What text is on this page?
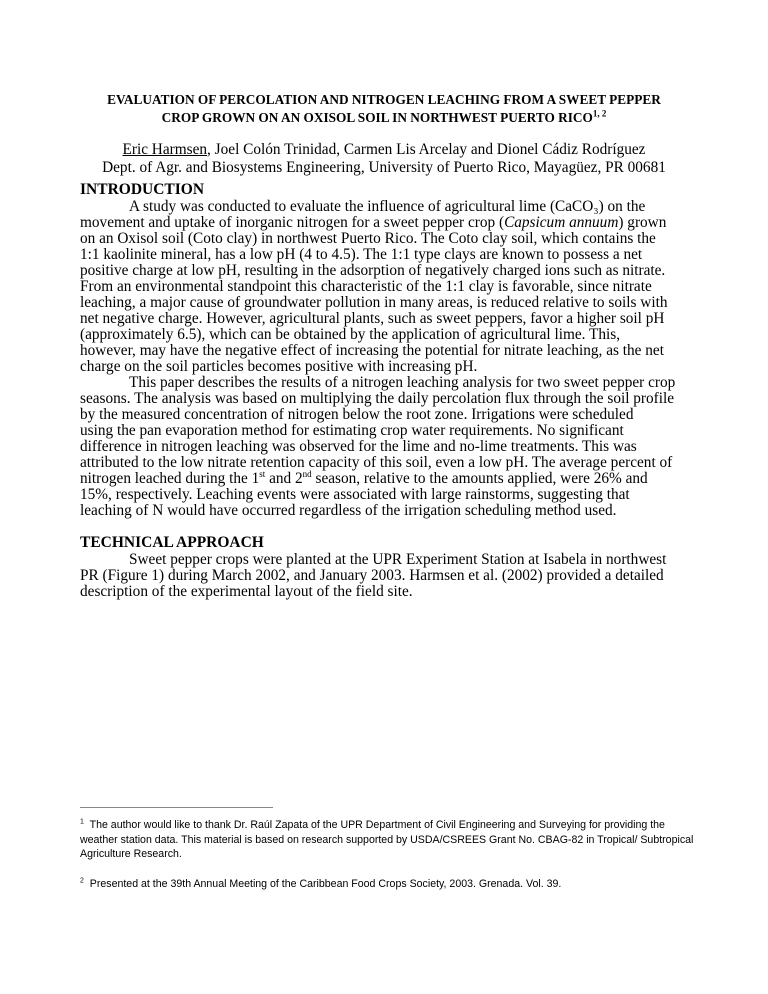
EVALUATION OF PERCOLATION AND NITROGEN LEACHING FROM A SWEET PEPPER
CROP GROWN ON AN OXISOL SOIL IN NORTHWEST PUERTO RICO$^{1, 2}$
Eric Harmsen, Joel Colón Trinidad, Carmen Lis Arcelay and Dionel Cádiz Rodríguez
Dept. of Agr. and Biosystems Engineering, University of Puerto Rico, Mayagüez, PR 00681
INTRODUCTION
A study was conducted to evaluate the influence of agricultural lime (CaCO₃) on the
movement and uptake of inorganic nitrogen for a sweet pepper crop (Capsicum annuum) grown
on an Oxisol soil (Coto clay) in northwest Puerto Rico. The Coto clay soil, which contains the
1:1 kaolinite mineral, has a low pH (4 to 4.5). The 1:1 type clays are known to possess a net
positive charge at low pH, resulting in the adsorption of negatively charged ions such as nitrate.
From an environmental standpoint this characteristic of the 1:1 clay is favorable, since nitrate
leaching, a major cause of groundwater pollution in many areas, is reduced relative to soils with
net negative charge. However, agricultural plants, such as sweet peppers, favor a higher soil pH
(approximately 6.5), which can be obtained by the application of agricultural lime. This,
however, may have the negative effect of increasing the potential for nitrate leaching, as the net
charge on the soil particles becomes positive with increasing pH.
This paper describes the results of a nitrogen leaching analysis for two sweet pepper crop
seasons. The analysis was based on multiplying the daily percolation flux through the soil profile
by the measured concentration of nitrogen below the root zone. Irrigations were scheduled
using the pan evaporation method for estimating crop water requirements. No significant
difference in nitrogen leaching was observed for the lime and no-lime treatments. This was
attributed to the low nitrate retention capacity of this soil, even a low pH. The average percent of
nitrogen leached during the 1st and 2nd season, relative to the amounts applied, were 26% and
15%, respectively. Leaching events were associated with large rainstorms, suggesting that
leaching of N would have occurred regardless of the irrigation scheduling method used.
TECHNICAL APPROACH
Sweet pepper crops were planted at the UPR Experiment Station at Isabela in northwest
PR (Figure 1) during March 2002, and January 2003. Harmsen et al. (2002) provided a detailed
description of the experimental layout of the field site.
$^1$ The author would like to thank Dr. Raúl Zapata of the UPR Department of Civil Engineering and Surveying for providing the
weather station data. This material is based on research supported by USDA/CSREES Grant No. CBAG-82 in Tropical/ Subtropical
Agriculture Research.
$^2$ Presented at the 39th Annual Meeting of the Caribbean Food Crops Society, 2003. Grenada. Vol. 39.
